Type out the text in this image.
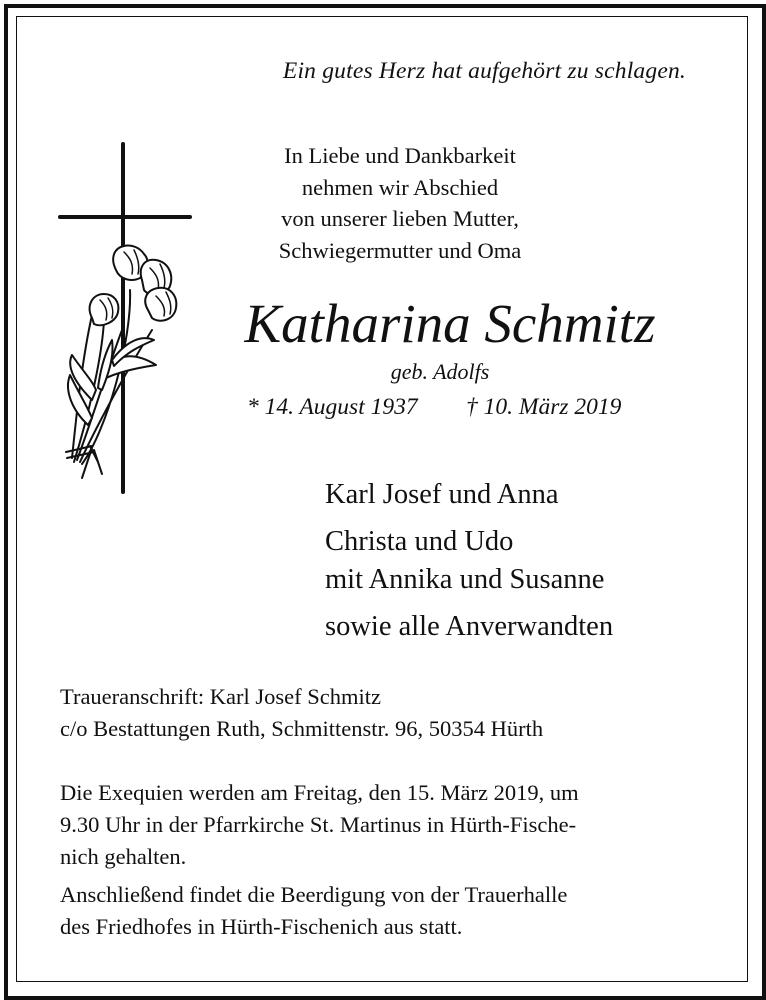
Ein gutes Herz hat aufgehört zu schlagen.
In Liebe und Dankbarkeit
nehmen wir Abschied
von unserer lieben Mutter,
Schwiegermutter und Oma
Katharina Schmitz
geb. Adolfs
* 14. August 1937 † 10. März 2019
Karl Josef und Anna
Christa und Udo
mit Annika und Susanne
sowie alle Anverwandten
Traueranschrift: Karl Josef Schmitz
c/o Bestattungen Ruth, Schmittenstr. 96, 50354 Hürth
Die Exequien werden am Freitag, den 15. März 2019, um
9.30 Uhr in der Pfarrkirche St. Martinus in Hürth-Fische-
nich gehalten.
Anschließend findet die Beerdigung von der Trauerhalle
des Friedhofes in Hürth-Fischenich aus statt.
